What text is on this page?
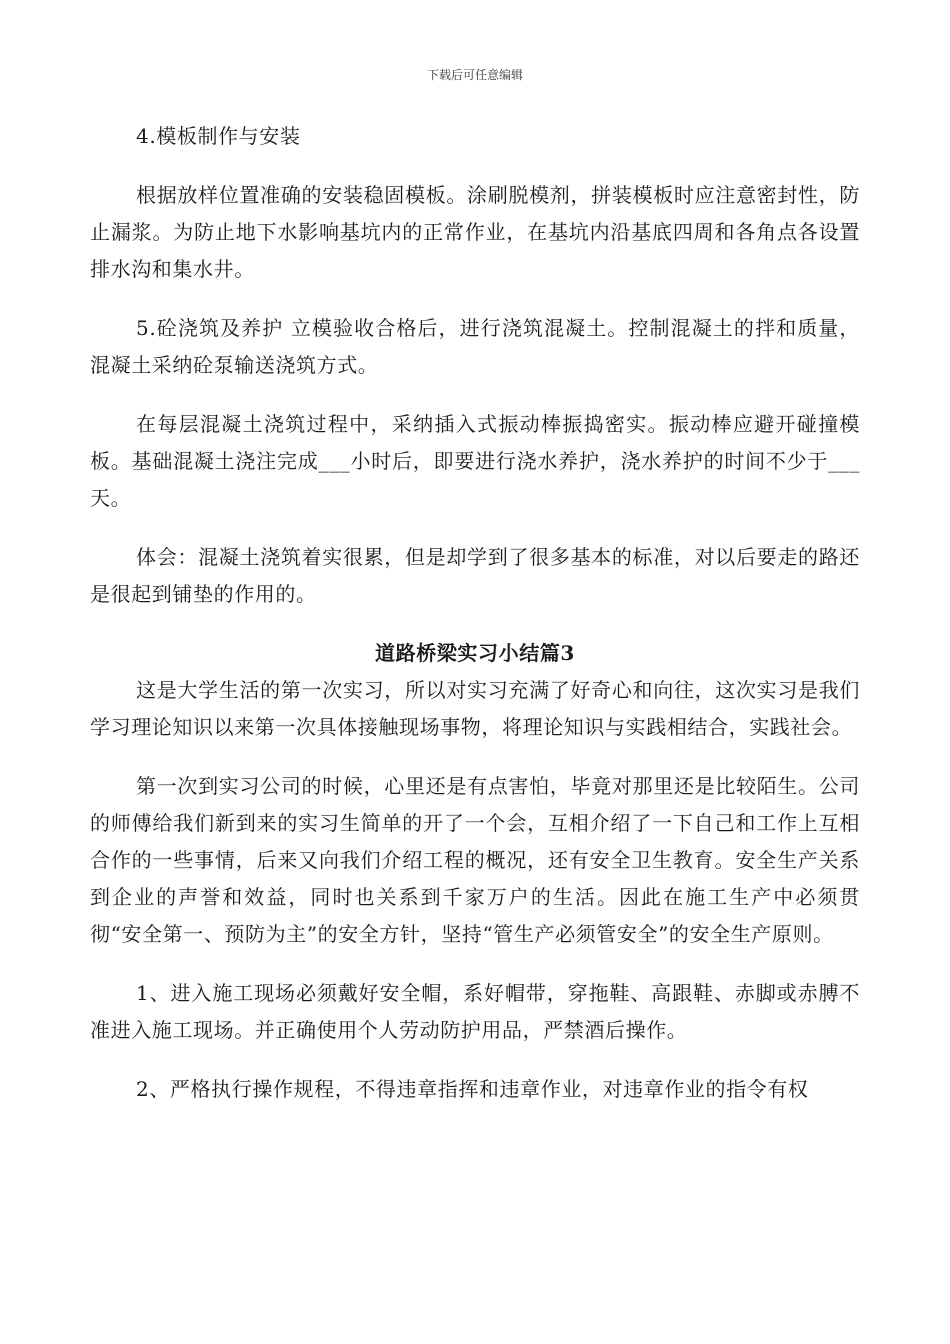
下载后可任意编辑

4.模板制作与安装

根据放样位置准确的安装稳固模板。涂刷脱模剂，拼装模板时应注意密封性，防止漏浆。为防止地下水影响基坑内的正常作业，在基坑内沿基底四周和各角点各设置排水沟和集水井。

5.砼浇筑及养护 立模验收合格后，进行浇筑混凝土。控制混凝土的拌和质量，混凝土采纳砼泵输送浇筑方式。

在每层混凝土浇筑过程中，采纳插入式振动棒振捣密实。振动棒应避开碰撞模板。基础混凝土浇注完成___小时后，即要进行浇水养护，浇水养护的时间不少于___天。

体会：混凝土浇筑着实很累，但是却学到了很多基本的标准，对以后要走的路还是很起到铺垫的作用的。

道路桥梁实习小结篇3

这是大学生活的第一次实习，所以对实习充满了好奇心和向往，这次实习是我们学习理论知识以来第一次具体接触现场事物，将理论知识与实践相结合，实践社会。

第一次到实习公司的时候，心里还是有点害怕，毕竟对那里还是比较陌生。公司的师傅给我们新到来的实习生简单的开了一个会，互相介绍了一下自己和工作上互相合作的一些事情，后来又向我们介绍工程的概况，还有安全卫生教育。安全生产关系到企业的声誉和效益，同时也关系到千家万户的生活。因此在施工生产中必须贯彻“安全第一、预防为主”的安全方针，坚持“管生产必须管安全”的安全生产原则。

1、进入施工现场必须戴好安全帽，系好帽带，穿拖鞋、高跟鞋、赤脚或赤膊不准进入施工现场。并正确使用个人劳动防护用品，严禁酒后操作。

2、严格执行操作规程，不得违章指挥和违章作业，对违章作业的指令有权
